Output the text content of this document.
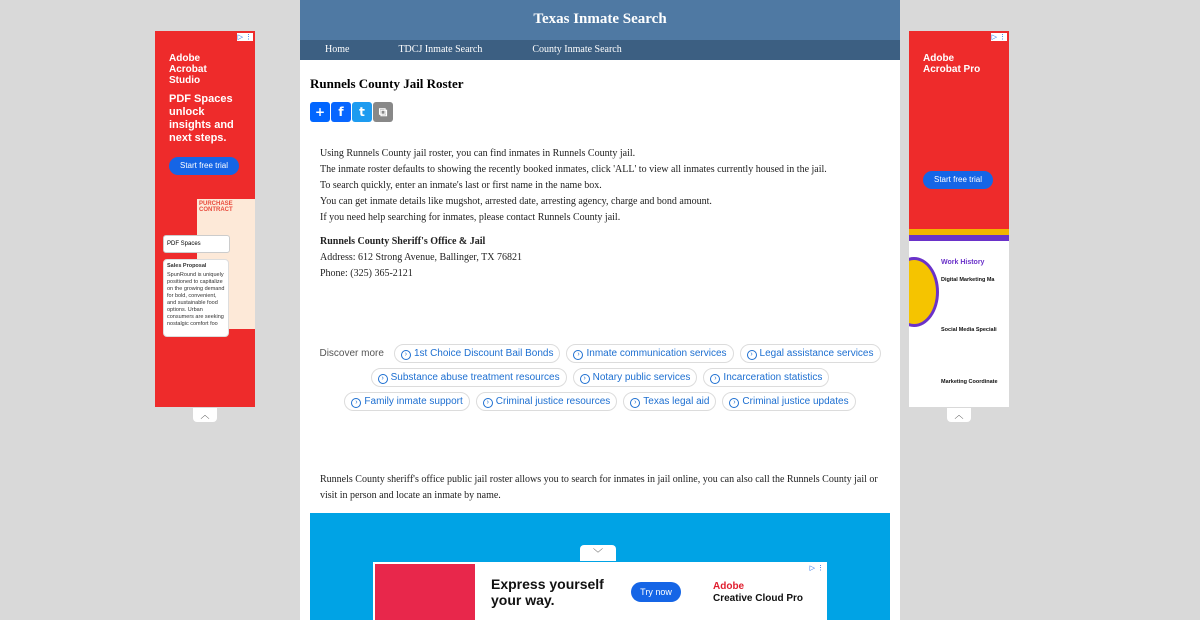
▷ ⋮
Adobe
Acrobat
Studio
PDF Spaces
unlock
insights and
next steps.
Start free trial
PURCHASE
CONTRACT
PDF Spaces
Sales Proposal
SpunRound is uniquely positioned to capitalize on the growing demand for bold, convenient, and sustainable food options. Urban consumers are seeking nostalgic comfort foo
︿
▷ ⋮
Adobe
Acrobat Pro
Start free trial
Work History
Digital Marketing Ma
Social Media Speciali
Marketing Coordinate
︿
Texas Inmate Search
Home	TDCJ Inmate Search	County Inmate Search
Runnels County Jail Roster
+	f	t	⧉

Using Runnels County jail roster, you can find inmates in Runnels County jail.

The inmate roster defaults to showing the recently booked inmates, click 'ALL' to view all inmates currently housed in the jail.

To search quickly, enter an inmate's last or first name in the name box.

You can get inmate details like mugshot, arrested date, arresting agency, charge and bond amount.

If you need help searching for inmates, please contact Runnels County jail.

Runnels County Sheriff's Office & Jail

Address: 612 Strong Avenue, Ballinger, TX 76821

Phone: (325) 365-2121

Discover more	› 1st Choice Discount Bail Bonds	› Inmate communication services	› Legal assistance services
› Substance abuse treatment resources	› Notary public services	› Incarceration statistics
› Family inmate support	› Criminal justice resources	› Texas legal aid	› Criminal justice updates
Runnels County sheriff's office public jail roster allows you to search for inmates in jail online, you can also call the Runnels County jail or visit in person and locate an inmate by name.
﹀
▷ ⋮
Express yourself
your way.	Try now	Adobe
Creative Cloud Pro
